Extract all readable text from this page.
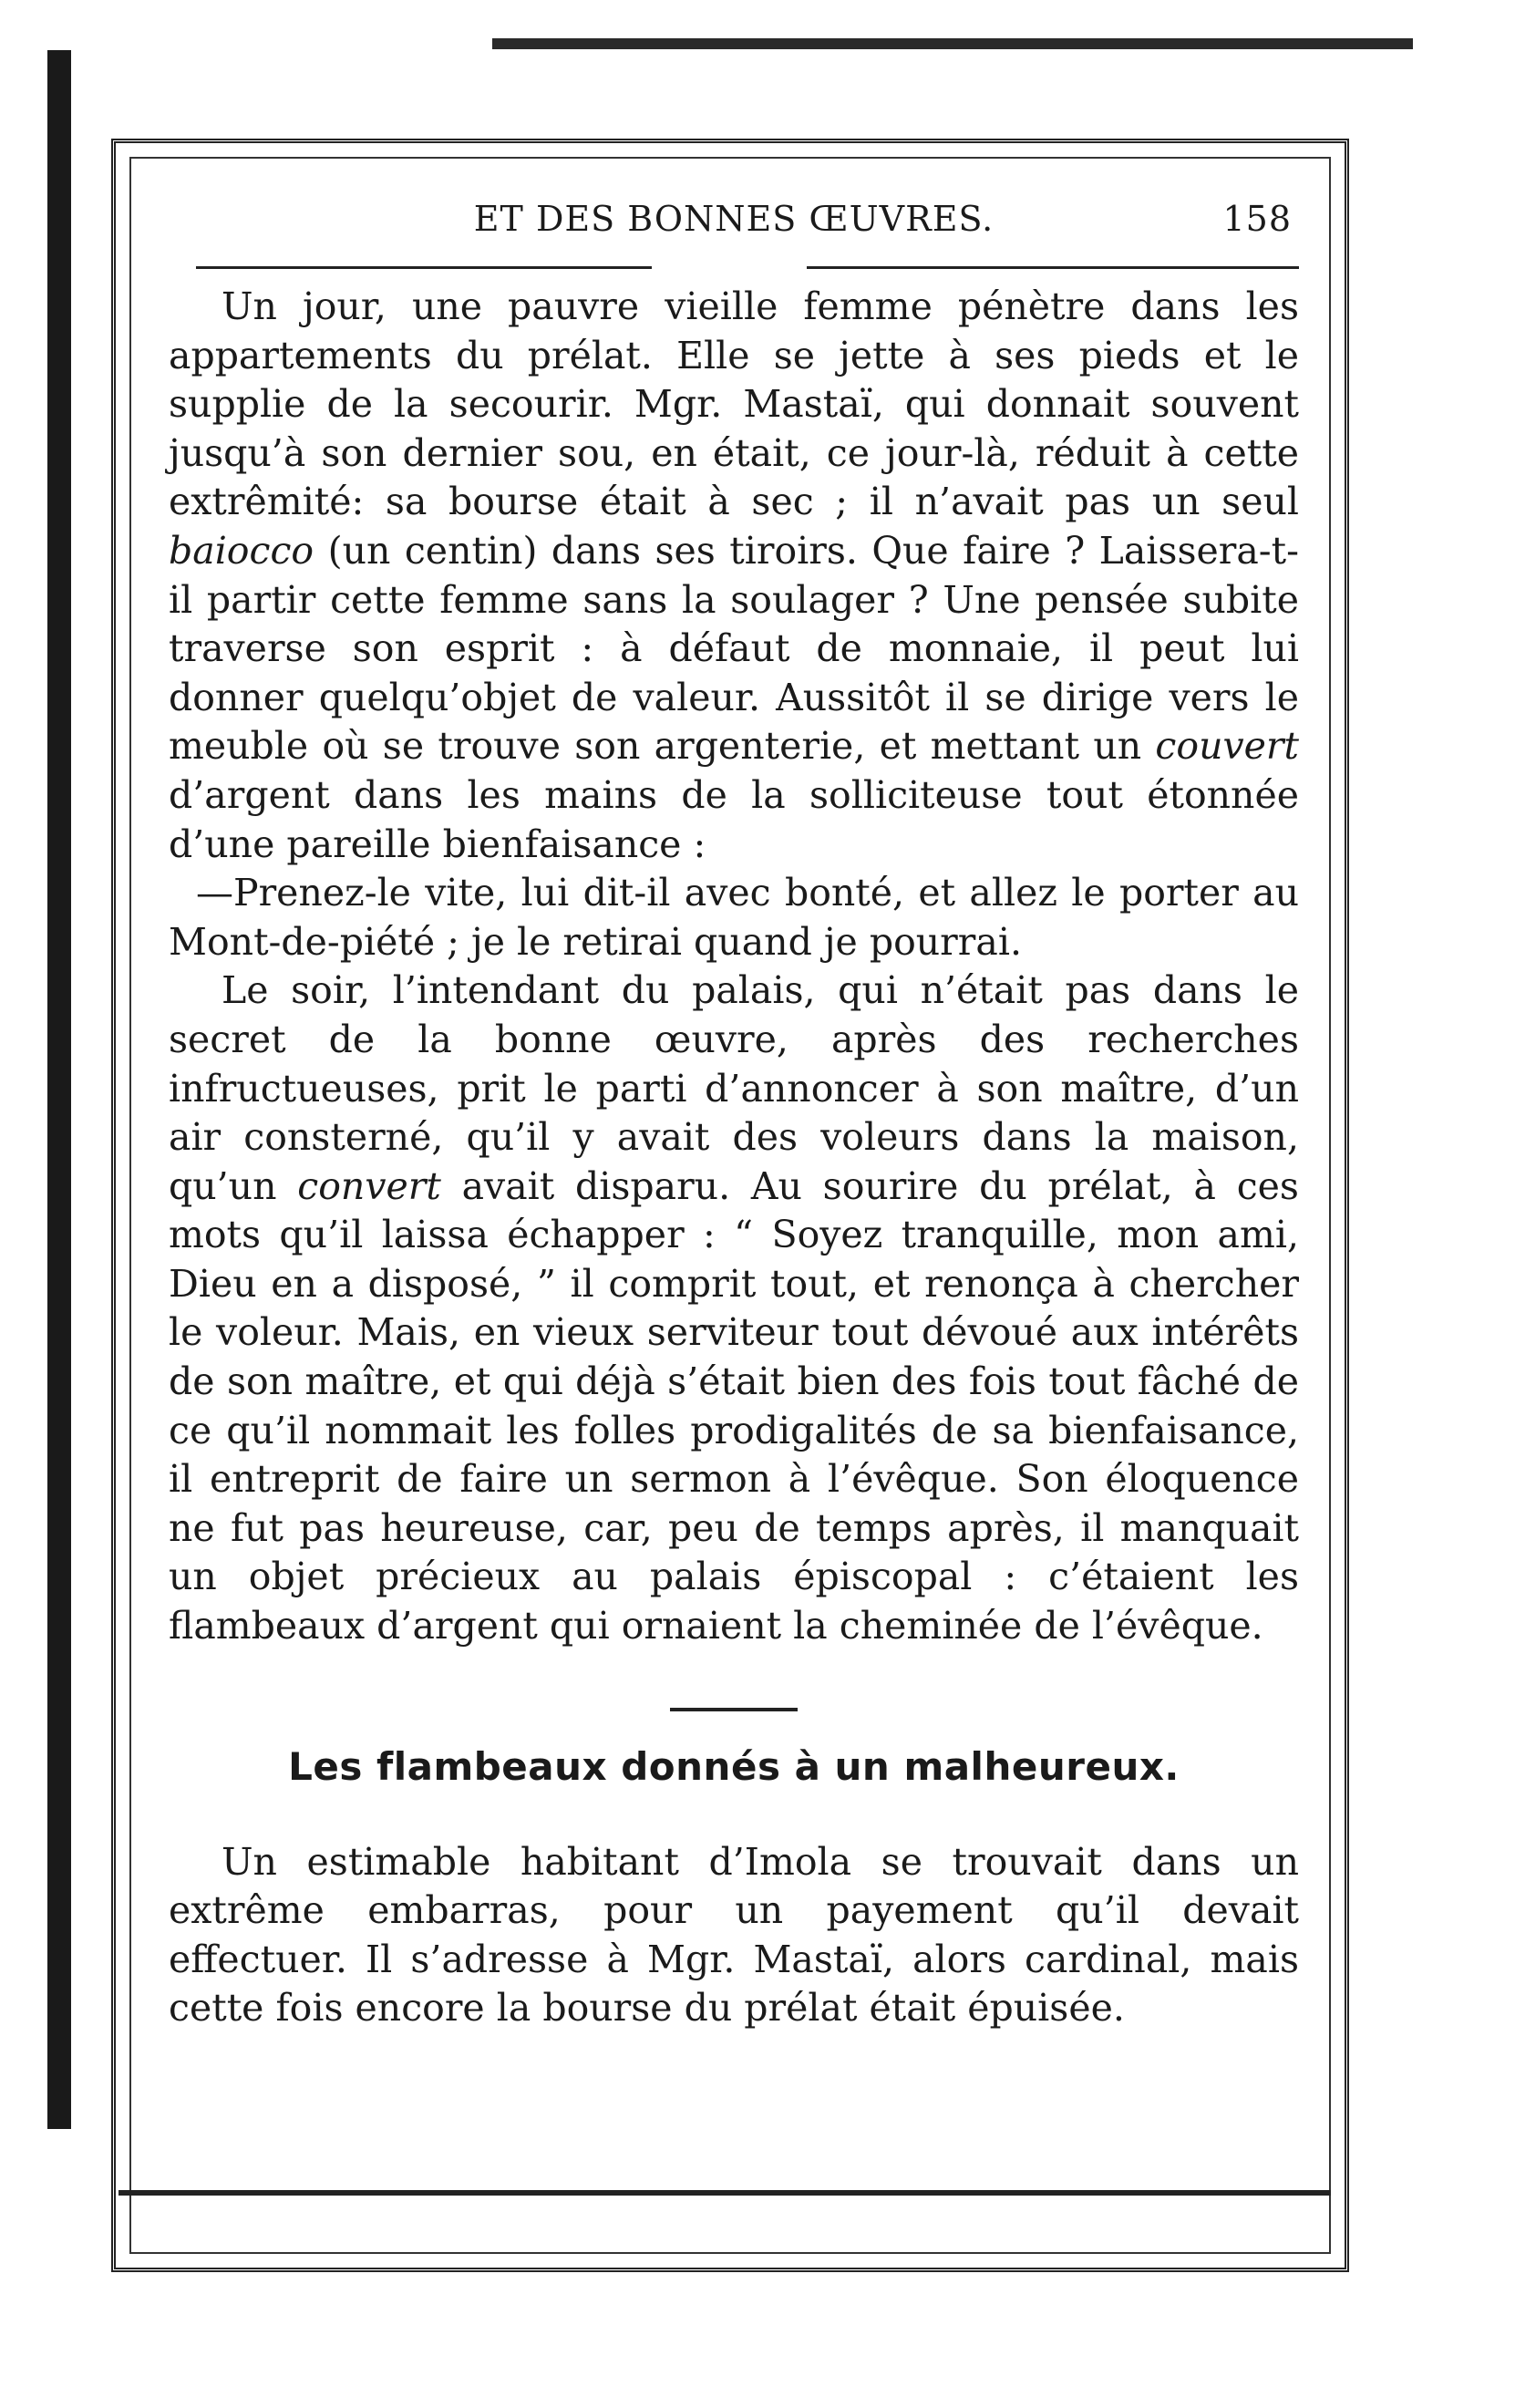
ET DES BONNES ŒUVRES.	158

Un jour, une pauvre vieille femme pénètre dans les appartements du prélat. Elle se jette à ses pieds et le supplie de la secourir. Mgr. Mastaï, qui donnait souvent jusqu’à son dernier sou, en était, ce jour-là, réduit à cette extrêmité: sa bourse était à sec ; il n’avait pas un seul baiocco (un centin) dans ses tiroirs. Que faire ? Laissera-t-il partir cette femme sans la soulager ? Une pensée subite traverse son esprit : à défaut de monnaie, il peut lui donner quelqu’objet de valeur. Aussitôt il se dirige vers le meuble où se trouve son argenterie, et mettant un couvert d’argent dans les mains de la solliciteuse tout étonnée d’une pareille bienfaisance :

—Prenez-le vite, lui dit-il avec bonté, et allez le porter au Mont-de-piété ; je le retirai quand je pourrai.

Le soir, l’intendant du palais, qui n’était pas dans le secret de la bonne œuvre, après des recherches infructueuses, prit le parti d’annoncer à son maître, d’un air consterné, qu’il y avait des voleurs dans la maison, qu’un convert avait disparu. Au sourire du prélat, à ces mots qu’il laissa échapper : “ Soyez tranquille, mon ami, Dieu en a disposé, ” il comprit tout, et renonça à chercher le voleur. Mais, en vieux serviteur tout dévoué aux intérêts de son maître, et qui déjà s’était bien des fois tout fâché de ce qu’il nommait les folles prodigalités de sa bienfaisance, il entreprit de faire un sermon à l’évêque. Son éloquence ne fut pas heureuse, car, peu de temps après, il manquait un objet précieux au palais épiscopal : c’étaient les flambeaux d’argent qui ornaient la cheminée de l’évêque.

Les flambeaux donnés à un malheureux.

Un estimable habitant d’Imola se trouvait dans un extrême embarras, pour un payement qu’il devait effectuer. Il s’adresse à Mgr. Mastaï, alors cardinal, mais cette fois encore la bourse du prélat était épuisée.
